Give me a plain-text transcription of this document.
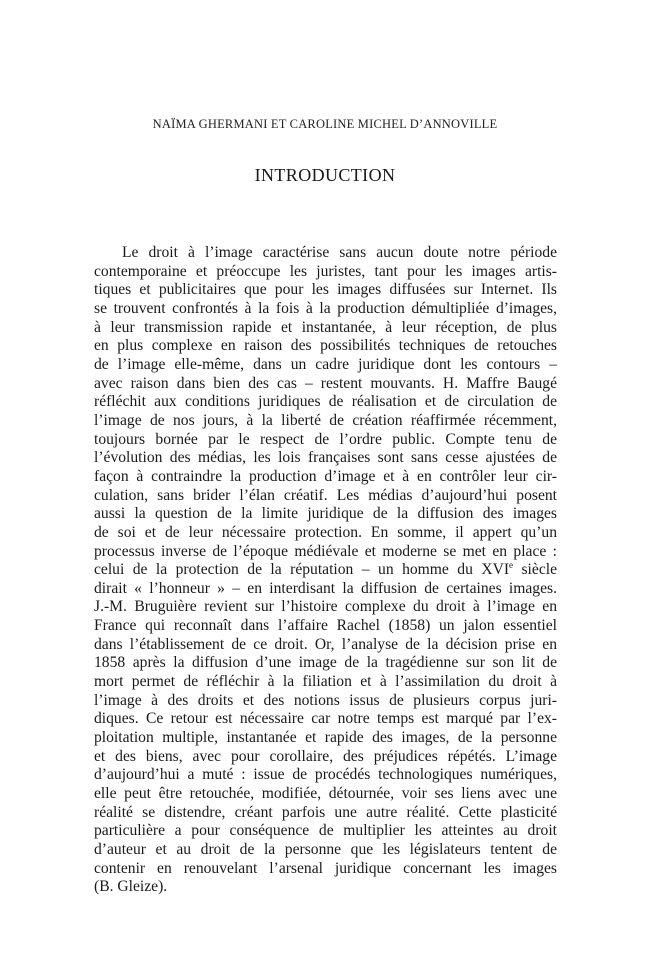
NAÏMA GHERMANI ET CAROLINE MICHEL D’ANNOVILLE
INTRODUCTION
Le droit à l’image caractérise sans aucun doute notre période
contemporaine et préoccupe les juristes, tant pour les images artis-
tiques et publicitaires que pour les images diffusées sur Internet. Ils
se trouvent confrontés à la fois à la production démultipliée d’images,
à leur transmission rapide et instantanée, à leur réception, de plus
en plus complexe en raison des possibilités techniques de retouches
de l’image elle-même, dans un cadre juridique dont les contours –
avec raison dans bien des cas – restent mouvants. H. Maffre Baugé
réfléchit aux conditions juridiques de réalisation et de circulation de
l’image de nos jours, à la liberté de création réaffirmée récemment,
toujours bornée par le respect de l’ordre public. Compte tenu de
l’évolution des médias, les lois françaises sont sans cesse ajustées de
façon à contraindre la production d’image et à en contrôler leur cir-
culation, sans brider l’élan créatif. Les médias d’aujourd’hui posent
aussi la question de la limite juridique de la diffusion des images
de soi et de leur nécessaire protection. En somme, il appert qu’un
processus inverse de l’époque médiévale et moderne se met en place :
celui de la protection de la réputation – un homme du XVIe siècle
dirait « l’honneur » – en interdisant la diffusion de certaines images.
J.-M. Bruguière revient sur l’histoire complexe du droit à l’image en
France qui reconnaît dans l’affaire Rachel (1858) un jalon essentiel
dans l’établissement de ce droit. Or, l’analyse de la décision prise en
1858 après la diffusion d’une image de la tragédienne sur son lit de
mort permet de réfléchir à la filiation et à l’assimilation du droit à
l’image à des droits et des notions issus de plusieurs corpus juri-
diques. Ce retour est nécessaire car notre temps est marqué par l’ex-
ploitation multiple, instantanée et rapide des images, de la personne
et des biens, avec pour corollaire, des préjudices répétés. L’image
d’aujourd’hui a muté : issue de procédés technologiques numériques,
elle peut être retouchée, modifiée, détournée, voir ses liens avec une
réalité se distendre, créant parfois une autre réalité. Cette plasticité
particulière a pour conséquence de multiplier les atteintes au droit
d’auteur et au droit de la personne que les législateurs tentent de
contenir en renouvelant l’arsenal juridique concernant les images
(B. Gleize).
